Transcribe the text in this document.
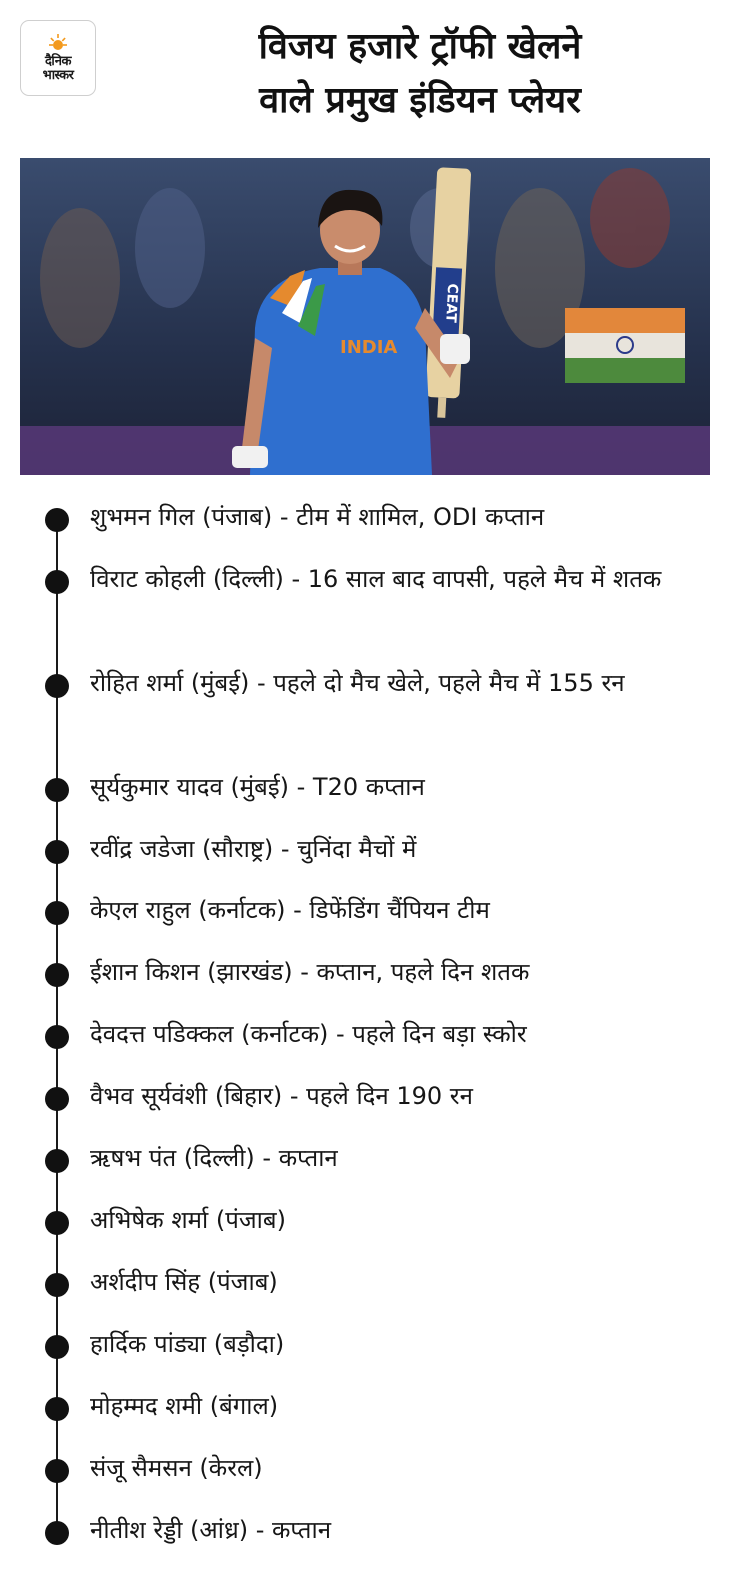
दैनिक
भास्कर
विजय हजारे ट्रॉफी खेलने
वाले प्रमुख इंडियन प्लेयर
CEAT
INDIA
शुभमन गिल (पंजाब) - टीम में शामिल, ODI कप्तान
विराट कोहली (दिल्ली) - 16 साल बाद वापसी, पहले मैच में शतक
रोहित शर्मा (मुंबई) - पहले दो मैच खेले, पहले मैच में 155 रन
सूर्यकुमार यादव (मुंबई) - T20 कप्तान
रवींद्र जडेजा (सौराष्ट्र) - चुनिंदा मैचों में
केएल राहुल (कर्नाटक) - डिफेंडिंग चैंपियन टीम
ईशान किशन (झारखंड) - कप्तान, पहले दिन शतक
देवदत्त पडिक्कल (कर्नाटक) - पहले दिन बड़ा स्कोर
वैभव सूर्यवंशी (बिहार) - पहले दिन 190 रन
ऋषभ पंत (दिल्ली) - कप्तान
अभिषेक शर्मा (पंजाब)
अर्शदीप सिंह (पंजाब)
हार्दिक पांड्या (बड़ौदा)
मोहम्मद शमी (बंगाल)
संजू सैमसन (केरल)
नीतीश रेड्डी (आंध्र) - कप्तान
